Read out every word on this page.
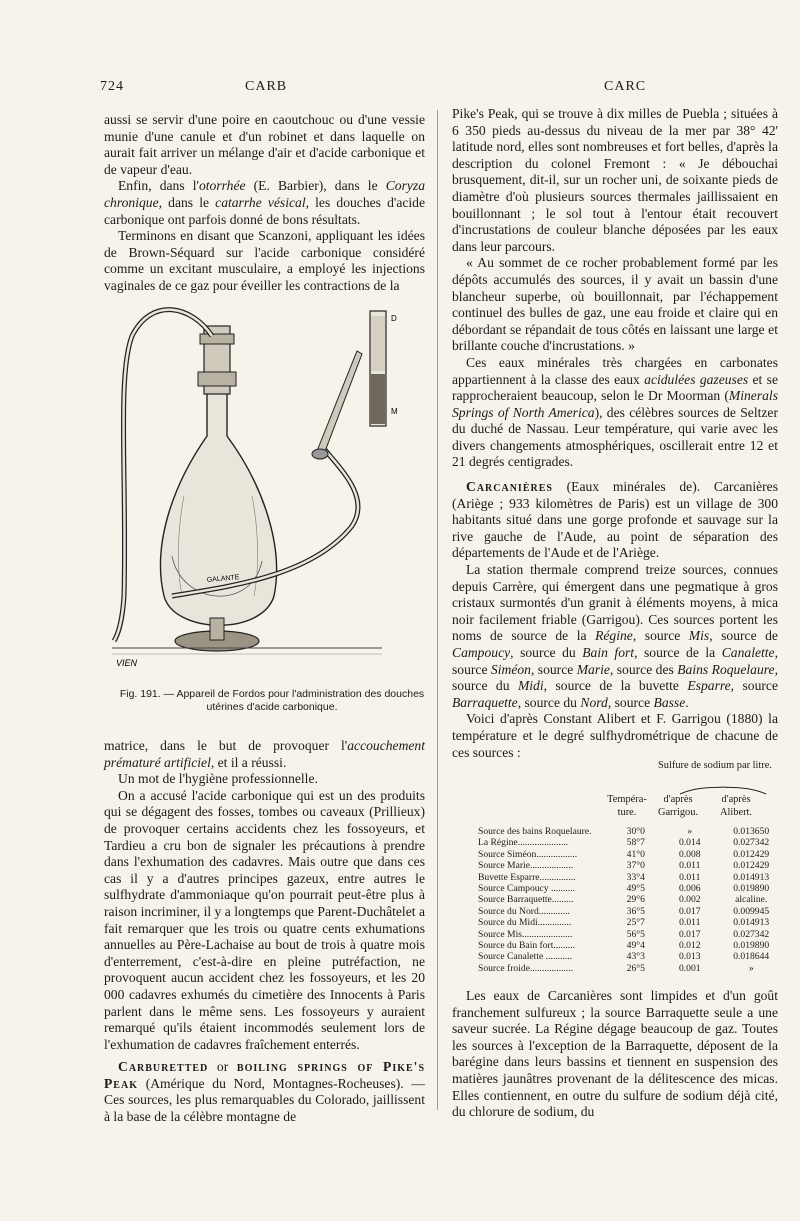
724	CARB	CARC

aussi se servir d'une poire en caoutchouc ou d'une vessie munie d'une canule et d'un robinet et dans laquelle on aurait fait arriver un mélange d'air et d'acide carbonique et de vapeur d'eau.

Enfin, dans l'otorrhée (E. Barbier), dans le Coryza chronique, dans le catarrhe vésical, les douches d'acide carbonique ont parfois donné de bons résultats.

Terminons en disant que Scanzoni, appliquant les idées de Brown-Séquard sur l'acide carbonique considéré comme un excitant musculaire, a employé les injections vaginales de ce gaz pour éveiller les contractions de la

D
M
GALANTE
VIEN
Fig. 191. — Appareil de Fordos pour l'administration des douches utérines d'acide carbonique.

matrice, dans le but de provoquer l'accouchement prématuré artificiel, et il a réussi.

Un mot de l'hygiène professionnelle.

On a accusé l'acide carbonique qui est un des produits qui se dégagent des fosses, tombes ou caveaux (Prillieux) de provoquer certains accidents chez les fossoyeurs, et Tardieu a cru bon de signaler les précautions à prendre dans l'exhumation des cadavres. Mais outre que dans ces cas il y a d'autres principes gazeux, entre autres le sulfhydrate d'ammoniaque qu'on pourrait peut-être plus à raison incriminer, il y a longtemps que Parent-Duchâtelet a fait remarquer que les trois ou quatre cents exhumations annuelles au Père-Lachaise au bout de trois à quatre mois d'enterrement, c'est-à-dire en pleine putréfaction, ne provoquent aucun accident chez les fossoyeurs, et les 20 000 cadavres exhumés du cimetière des Innocents à Paris parlent dans le même sens. Les fossoyeurs y auraient remarqué qu'ils étaient incommodés seulement lors de l'exhumation de cadavres fraîchement enterrés.

Carburetted or boiling springs of Pike's Peak (Amérique du Nord, Montagnes-Rocheuses). — Ces sources, les plus remarquables du Colorado, jaillissent à la base de la célèbre montagne de

Pike's Peak, qui se trouve à dix milles de Puebla ; situées à 6 350 pieds au-dessus du niveau de la mer par 38° 42' latitude nord, elles sont nombreuses et fort belles, d'après la description du colonel Fremont : « Je débouchai brusquement, dit-il, sur un rocher uni, de soixante pieds de diamètre d'où plusieurs sources thermales jaillissaient en bouillonnant ; le sol tout à l'entour était recouvert d'incrustations de couleur blanche déposées par les eaux dans leur parcours.

« Au sommet de ce rocher probablement formé par les dépôts accumulés des sources, il y avait un bassin d'une blancheur superbe, où bouillonnait, par l'échappement continuel des bulles de gaz, une eau froide et claire qui en débordant se répandait de tous côtés en laissant une large et brillante couche d'incrustations. »

Ces eaux minérales très chargées en carbonates appartiennent à la classe des eaux acidulées gazeuses et se rapprocheraient beaucoup, selon le Dr Moorman (Minerals Springs of North America), des célèbres sources de Seltzer du duché de Nassau. Leur température, qui varie avec les divers changements atmosphériques, oscillerait entre 12 et 21 degrés centigrades.

Carcanières (Eaux minérales de). Carcanières (Ariège ; 933 kilomètres de Paris) est un village de 300 habitants situé dans une gorge profonde et sauvage sur la rive gauche de l'Aude, au point de séparation des départements de l'Aude et de l'Ariège.

La station thermale comprend treize sources, connues depuis Carrère, qui émergent dans une pegmatique à gros cristaux surmontés d'un granit à éléments moyens, à mica noir facilement friable (Garrigou). Ces sources portent les noms de source de la Régine, source Mis, source de Campoucy, source du Bain fort, source de la Canalette, source Siméon, source Marie, source des Bains Roquelaure, source du Midi, source de la buvette Esparre, source Barraquette, source du Nord, source Basse.

Voici d'après Constant Alibert et F. Garrigou (1880) la température et le degré sulfhydrométrique de chacune de ces sources :

Sulfure de sodium par litre.
Tempéra-
ture.
d'après
Garrigou.
d'après
Alibert.
Source des bains Roquelaure.	30°0	»	0.013650
La Régine.....................	58°7	0.014	0.027342
Source Siméon.................	41°0	0.008	0.012429
Source Marie..................	37°0	0.011	0.012429
Buvette Esparre...............	33°4	0.011	0.014913
Source Campoucy ..........	49°5	0.006	0.019890
Source Barraquette.........	29°6	0.002	alcaline.
Source du Nord.............	36°5	0.017	0.009945
Source du Midi..............	25°7	0.011	0.014913
Source Mis.....................	56°5	0.017	0.027342
Source du Bain fort.........	49°4	0.012	0.019890
Source Canalette ...........	43°3	0.013	0.018644
Source froide..................	26°5	0.001	»

Les eaux de Carcanières sont limpides et d'un goût franchement sulfureux ; la source Barraquette seule a une saveur sucrée. La Régine dégage beaucoup de gaz. Toutes les sources à l'exception de la Barraquette, déposent de la barégine dans leurs bassins et tiennent en suspension des matières jaunâtres provenant de la délitescence des micas. Elles contiennent, en outre du sulfure de sodium déjà cité, du chlorure de sodium, du
